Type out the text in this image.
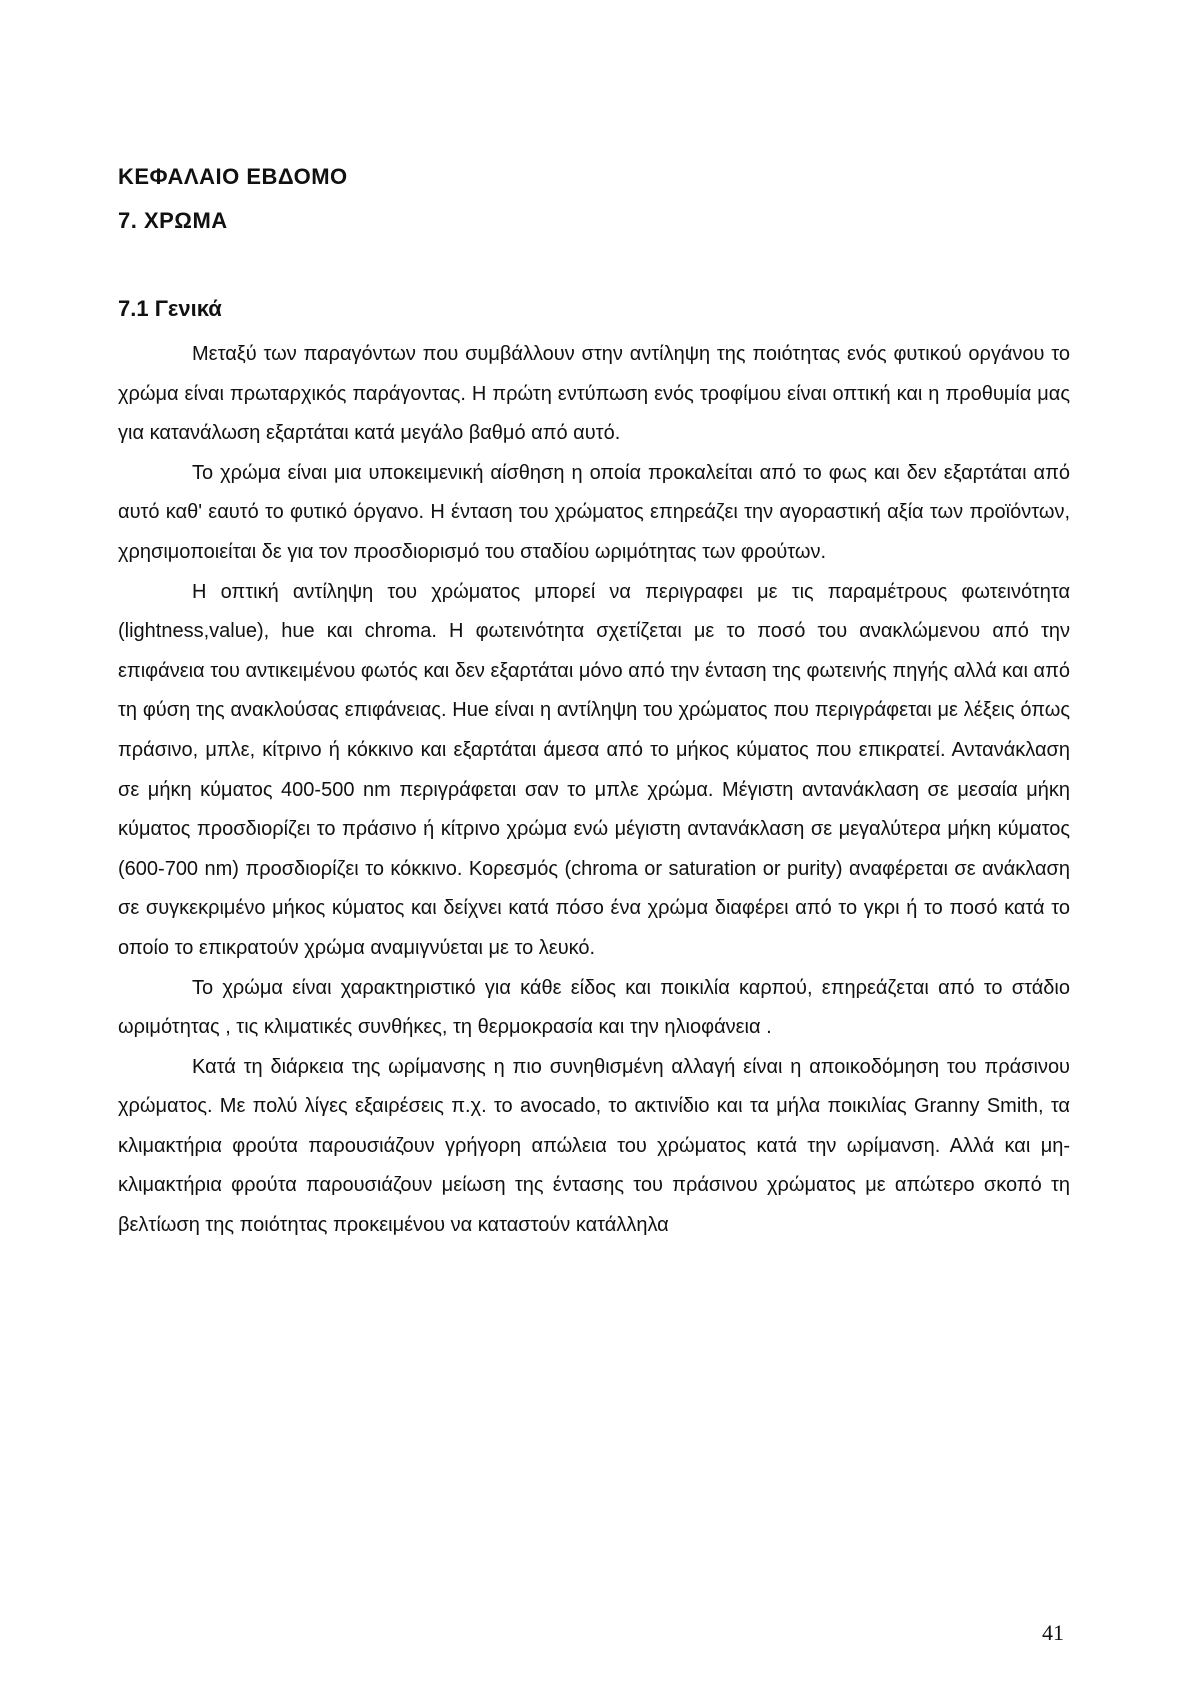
ΚΕΦΑΛΑΙΟ ΕΒΔΟΜΟ
7. ΧΡΩΜΑ
7.1 Γενικά

Μεταξύ των παραγόντων που συμβάλλουν στην αντίληψη της ποιότητας ενός φυτικού οργάνου το χρώμα είναι πρωταρχικός παράγοντας. Η πρώτη εντύπωση ενός τροφίμου είναι οπτική και η προθυμία μας για κατανάλωση εξαρτάται κατά μεγάλο βαθμό από αυτό.

Το χρώμα είναι μια υποκειμενική αίσθηση η οποία προκαλείται από το φως και δεν εξαρτάται από αυτό καθ' εαυτό το φυτικό όργανο. Η ένταση του χρώματος επηρεάζει την αγοραστική αξία των προϊόντων, χρησιμοποιείται δε για τον προσδιορισμό του σταδίου ωριμότητας των φρούτων.

Η οπτική αντίληψη του χρώματος μπορεί να περιγραφει με τις παραμέτρους φωτεινότητα (lightness,value), hue και chroma. Η φωτεινότητα σχετίζεται με το ποσό του ανακλώμενου από την επιφάνεια του αντικειμένου φωτός και δεν εξαρτάται μόνο από την ένταση της φωτεινής πηγής αλλά και από τη φύση της ανακλούσας επιφάνειας. Hue είναι η αντίληψη του χρώματος που περιγράφεται με λέξεις όπως πράσινο, μπλε, κίτρινο ή κόκκινο και εξαρτάται άμεσα από το μήκος κύματος που επικρατεί. Αντανάκλαση σε μήκη κύματος 400-500 nm περιγράφεται σαν το μπλε χρώμα. Μέγιστη αντανάκλαση σε μεσαία μήκη κύματος προσδιορίζει το πράσινο ή κίτρινο χρώμα ενώ μέγιστη αντανάκλαση σε μεγαλύτερα μήκη κύματος (600-700 nm) προσδιορίζει το κόκκινο. Κορεσμός (chroma or saturation or purity) αναφέρεται σε ανάκλαση σε συγκεκριμένο μήκος κύματος και δείχνει κατά πόσο ένα χρώμα διαφέρει από το γκρι ή το ποσό κατά το οποίο το επικρατούν χρώμα αναμιγνύεται με το λευκό.

Το χρώμα είναι χαρακτηριστικό για κάθε είδος και ποικιλία καρπού, επηρεάζεται από το στάδιο ωριμότητας , τις κλιματικές συνθήκες, τη θερμοκρασία και την ηλιοφάνεια .

Κατά τη διάρκεια της ωρίμανσης η πιο συνηθισμένη αλλαγή είναι η αποικοδόμηση του πράσινου χρώματος. Με πολύ λίγες εξαιρέσεις π.χ. το avocado, το ακτινίδιο και τα μήλα ποικιλίας Granny Smith, τα κλιμακτήρια φρούτα παρουσιάζουν γρήγορη απώλεια του χρώματος κατά την ωρίμανση. Αλλά και μη-κλιμακτήρια φρούτα παρουσιάζουν μείωση της έντασης του πράσινου χρώματος με απώτερο σκοπό τη βελτίωση της ποιότητας προκειμένου να καταστούν κατάλληλα

41
